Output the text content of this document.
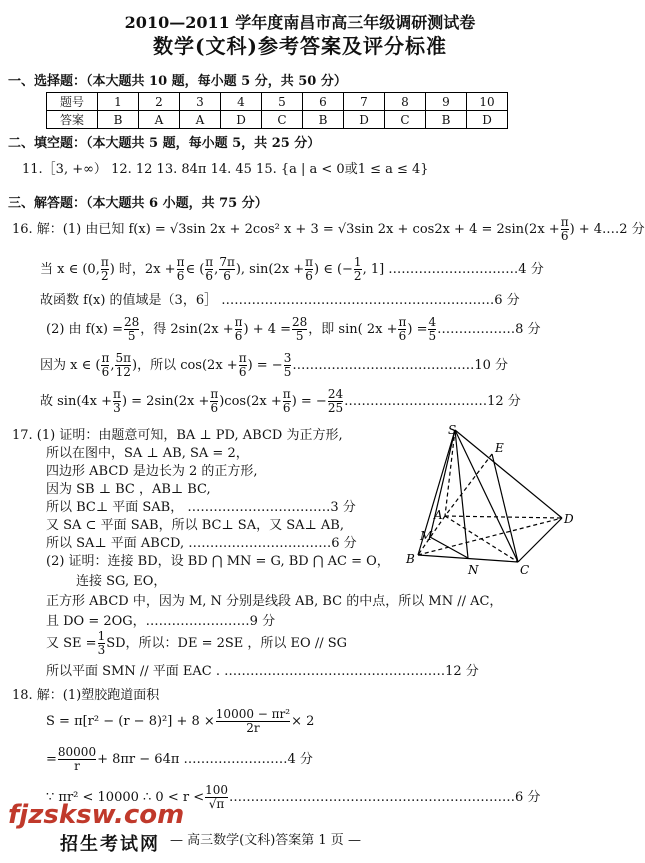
2010—2011 学年度南昌市高三年级调研测试卷
数学(文科)参考答案及评分标准
一、选择题：（本大题共 10 题，每小题 5 分，共 50 分）
题号	1	2	3	4	5	6	7	8	9	10
答案	B	A	A	D	C	B	D	C	B	D
二、填空题：（本大题共 5 题，每小题 5，共 25 分）
11.［3, +∞） 12. 12 13. 84π 14. 45 15. {a | a < 0或1 ≤ a ≤ 4}
三、解答题：（本大题共 6 小题，共 75 分）
16. 解：(1) 由已知 f(x) = √3sin 2x + 2cos² x + 3 = √3sin $2x + \cos 2x + 4 = 2\sin(2x + \frac{\pi}{6}$ ) + 4.…2 分
当 x ∈ (0, $\frac{\pi}{2}$ ) 时，$2x + \frac{\pi}{6}$ ∈ ( $\frac{\pi}{6}$ , $\frac{7\pi}{6}$ ), $\sin(2x + \frac{\pi}{6}$ ) ∈ (− $\frac{1}{2}$ , 1] …………………………4 分
故函数 f(x) 的值域是（3，6］ ………………………………………………………6 分
(2) 由 $f(x) = \frac{28}{5}$ ，得 $2\sin(2x + \frac{\pi}{6}$ ) + $4 = \frac{28}{5}$ ，即 sin( $2x + \frac{\pi}{6}$ ) = $\frac{4}{5}$ ………………8 分
因为 x ∈ ( $\frac{\pi}{6}$ , $\frac{5\pi}{12}$ )，所以 $\cos(2x + \frac{\pi}{6}$ ) = − $\frac{3}{5}$ ……………………………………10 分
故 $\sin(4x + \frac{\pi}{3}$ ) = $2\sin(2x + \frac{\pi}{6} )\cos(2x + \frac{\pi}{6}$ ) = − $\frac{24}{25}$ ……………………………12 分
17. (1) 证明：由题意可知，BA ⊥ PD, ABCD 为正方形,
所以在图中，SA ⊥ AB, SA = 2，
四边形 ABCD 是边长为 2 的正方形,
因为 SB ⊥ BC ，AB⊥ BC,
所以 BC⊥ 平面 SAB， ……………………………3 分
又 SA ⊂ 平面 SAB，所以 BC⊥ SA，又 SA⊥ AB,
所以 SA⊥ 平面 ABCD, ……………………………6 分
(2) 证明：连接 BD，设 BD ⋂ MN = G, BD ⋂ AC = O，
连接 SG, EO，
正方形 ABCD 中，因为 M, N 分别是线段 AB, BC 的中点，所以 MN // AC，
且 DO = 2OG，……………………9 分
又 SE = $\frac{1}{3}$ SD，所以：DE = 2SE ，所以 EO // SG
所以平面 SMN // 平面 EAC . ……………………………………………12 分
S
E
A	D
M
B
N	C
18. 解：(1)塑胶跑道面积
$S = \pi[r^2 - (r - 8)^2] + 8 \times \frac{\text{10000 − πr²}}{2r} \times 2$
= $\frac{80000}{r} + 8\pi r - 64\pi$ ……………………4 分
∵ πr² < 10000 ∴ $0 < r < \frac{100}{√\pi}$ …………………………………………………………6 分
fjzsksw.com
招生考试网 — 高三数学(文科)答案第 1 页 —
